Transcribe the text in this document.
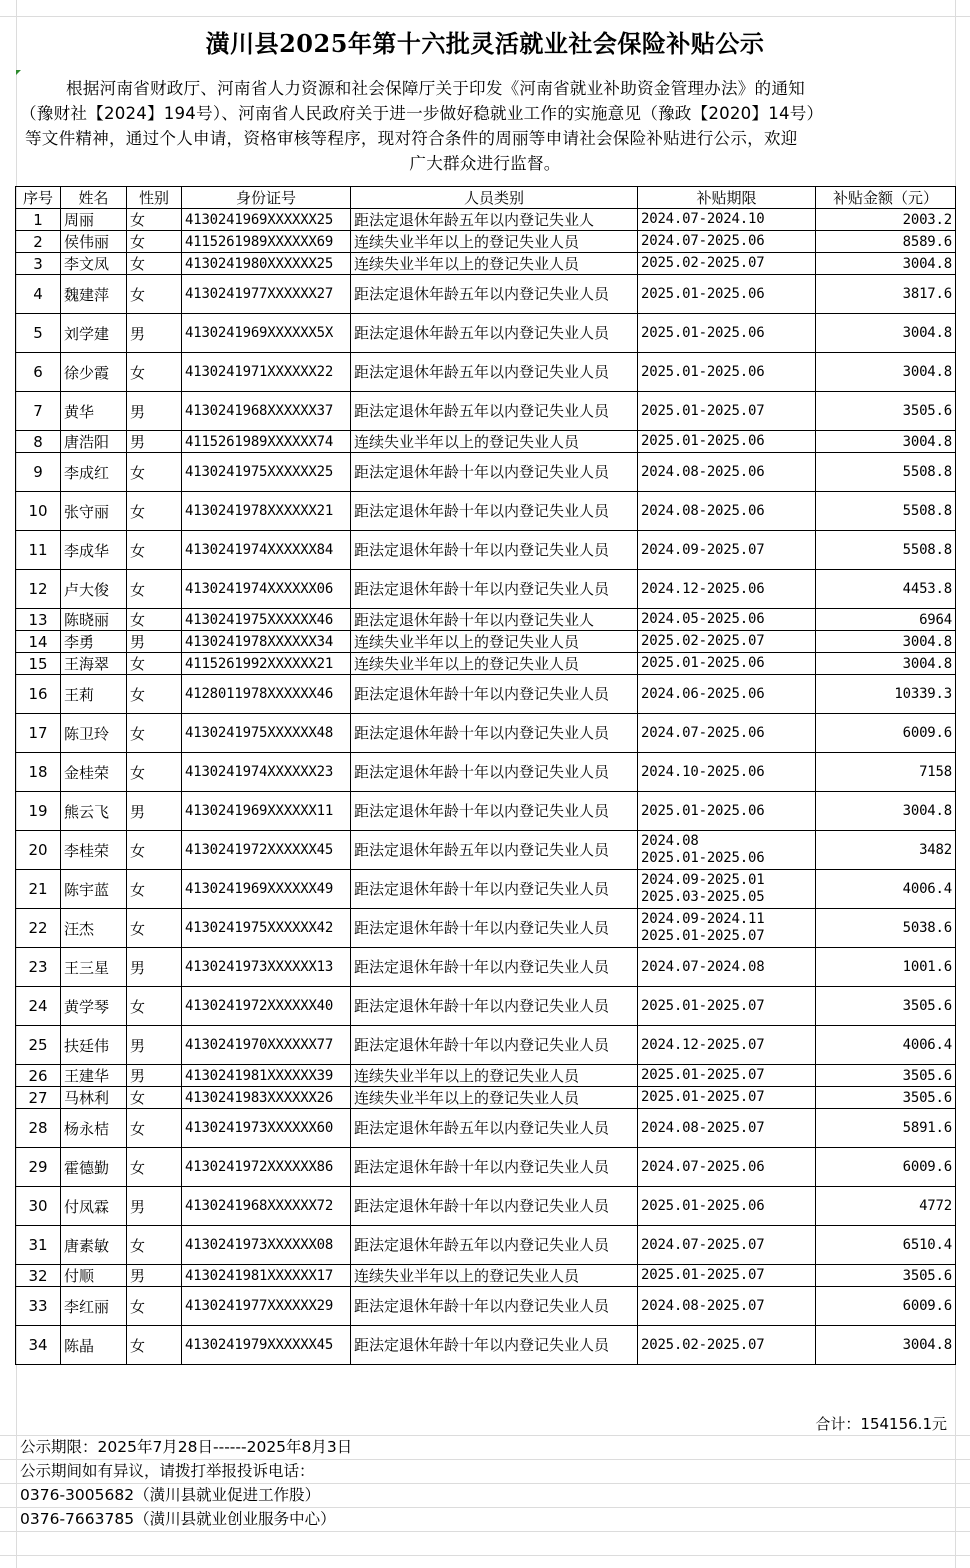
潢川县2025年第十六批灵活就业社会保险补贴公示
根据河南省财政厅、河南省人力资源和社会保障厅关于印发《河南省就业补助资金管理办法》的通知
（豫财社【2024】194号）、河南省人民政府关于进一步做好稳就业工作的实施意见（豫政【2020】14号）
等文件精神，通过个人申请，资格审核等程序，现对符合条件的周丽等申请社会保险补贴进行公示，欢迎
广大群众进行监督。
序号	姓名	性别	身份证号	人员类别	补贴期限	补贴金额（元）
1	周丽	女	4130241969XXXXXX25	距法定退休年龄五年以内登记失业人	2024.07-2024.10	2003.2
2	侯伟丽	女	4115261989XXXXXX69	连续失业半年以上的登记失业人员	2024.07-2025.06	8589.6
3	李文凤	女	4130241980XXXXXX25	连续失业半年以上的登记失业人员	2025.02-2025.07	3004.8
4	魏建萍	女	4130241977XXXXXX27	距法定退休年龄五年以内登记失业人员	2025.01-2025.06	3817.6
5	刘学建	男	4130241969XXXXXX5X	距法定退休年龄五年以内登记失业人员	2025.01-2025.06	3004.8
6	徐少霞	女	4130241971XXXXXX22	距法定退休年龄五年以内登记失业人员	2025.01-2025.06	3004.8
7	黄华	男	4130241968XXXXXX37	距法定退休年龄五年以内登记失业人员	2025.01-2025.07	3505.6
8	唐浩阳	男	4115261989XXXXXX74	连续失业半年以上的登记失业人员	2025.01-2025.06	3004.8
9	李成红	女	4130241975XXXXXX25	距法定退休年龄十年以内登记失业人员	2024.08-2025.06	5508.8
10	张守丽	女	4130241978XXXXXX21	距法定退休年龄十年以内登记失业人员	2024.08-2025.06	5508.8
11	李成华	女	4130241974XXXXXX84	距法定退休年龄十年以内登记失业人员	2024.09-2025.07	5508.8
12	卢大俊	女	4130241974XXXXXX06	距法定退休年龄十年以内登记失业人员	2024.12-2025.06	4453.8
13	陈晓丽	女	4130241975XXXXXX46	距法定退休年龄十年以内登记失业人	2024.05-2025.06	6964
14	李勇	男	4130241978XXXXXX34	连续失业半年以上的登记失业人员	2025.02-2025.07	3004.8
15	王海翠	女	4115261992XXXXXX21	连续失业半年以上的登记失业人员	2025.01-2025.06	3004.8
16	王莉	女	4128011978XXXXXX46	距法定退休年龄十年以内登记失业人员	2024.06-2025.06	10339.3
17	陈卫玲	女	4130241975XXXXXX48	距法定退休年龄十年以内登记失业人员	2024.07-2025.06	6009.6
18	金桂荣	女	4130241974XXXXXX23	距法定退休年龄十年以内登记失业人员	2024.10-2025.06	7158
19	熊云飞	男	4130241969XXXXXX11	距法定退休年龄十年以内登记失业人员	2025.01-2025.06	3004.8
20	李桂荣	女	4130241972XXXXXX45	距法定退休年龄五年以内登记失业人员	2024.08
2025.01-2025.06	3482
21	陈宇蓝	女	4130241969XXXXXX49	距法定退休年龄十年以内登记失业人员	2024.09-2025.01
2025.03-2025.05	4006.4
22	汪杰	女	4130241975XXXXXX42	距法定退休年龄十年以内登记失业人员	2024.09-2024.11
2025.01-2025.07	5038.6
23	王三星	男	4130241973XXXXXX13	距法定退休年龄十年以内登记失业人员	2024.07-2024.08	1001.6
24	黄学琴	女	4130241972XXXXXX40	距法定退休年龄十年以内登记失业人员	2025.01-2025.07	3505.6
25	扶廷伟	男	4130241970XXXXXX77	距法定退休年龄十年以内登记失业人员	2024.12-2025.07	4006.4
26	王建华	男	4130241981XXXXXX39	连续失业半年以上的登记失业人员	2025.01-2025.07	3505.6
27	马林利	女	4130241983XXXXXX26	连续失业半年以上的登记失业人员	2025.01-2025.07	3505.6
28	杨永桔	女	4130241973XXXXXX60	距法定退休年龄五年以内登记失业人员	2024.08-2025.07	5891.6
29	霍德勤	女	4130241972XXXXXX86	距法定退休年龄十年以内登记失业人员	2024.07-2025.06	6009.6
30	付凤霖	男	4130241968XXXXXX72	距法定退休年龄十年以内登记失业人员	2025.01-2025.06	4772
31	唐素敏	女	4130241973XXXXXX08	距法定退休年龄五年以内登记失业人员	2024.07-2025.07	6510.4
32	付顺	男	4130241981XXXXXX17	连续失业半年以上的登记失业人员	2025.01-2025.07	3505.6
33	李红丽	女	4130241977XXXXXX29	距法定退休年龄十年以内登记失业人员	2024.08-2025.07	6009.6
34	陈晶	女	4130241979XXXXXX45	距法定退休年龄十年以内登记失业人员	2025.02-2025.07	3004.8
合计：154156.1元
公示期限：2025年7月28日------2025年8月3日
公示期间如有异议，请拨打举报投诉电话：
0376-3005682（潢川县就业促进工作股）
0376-7663785（潢川县就业创业服务中心）
